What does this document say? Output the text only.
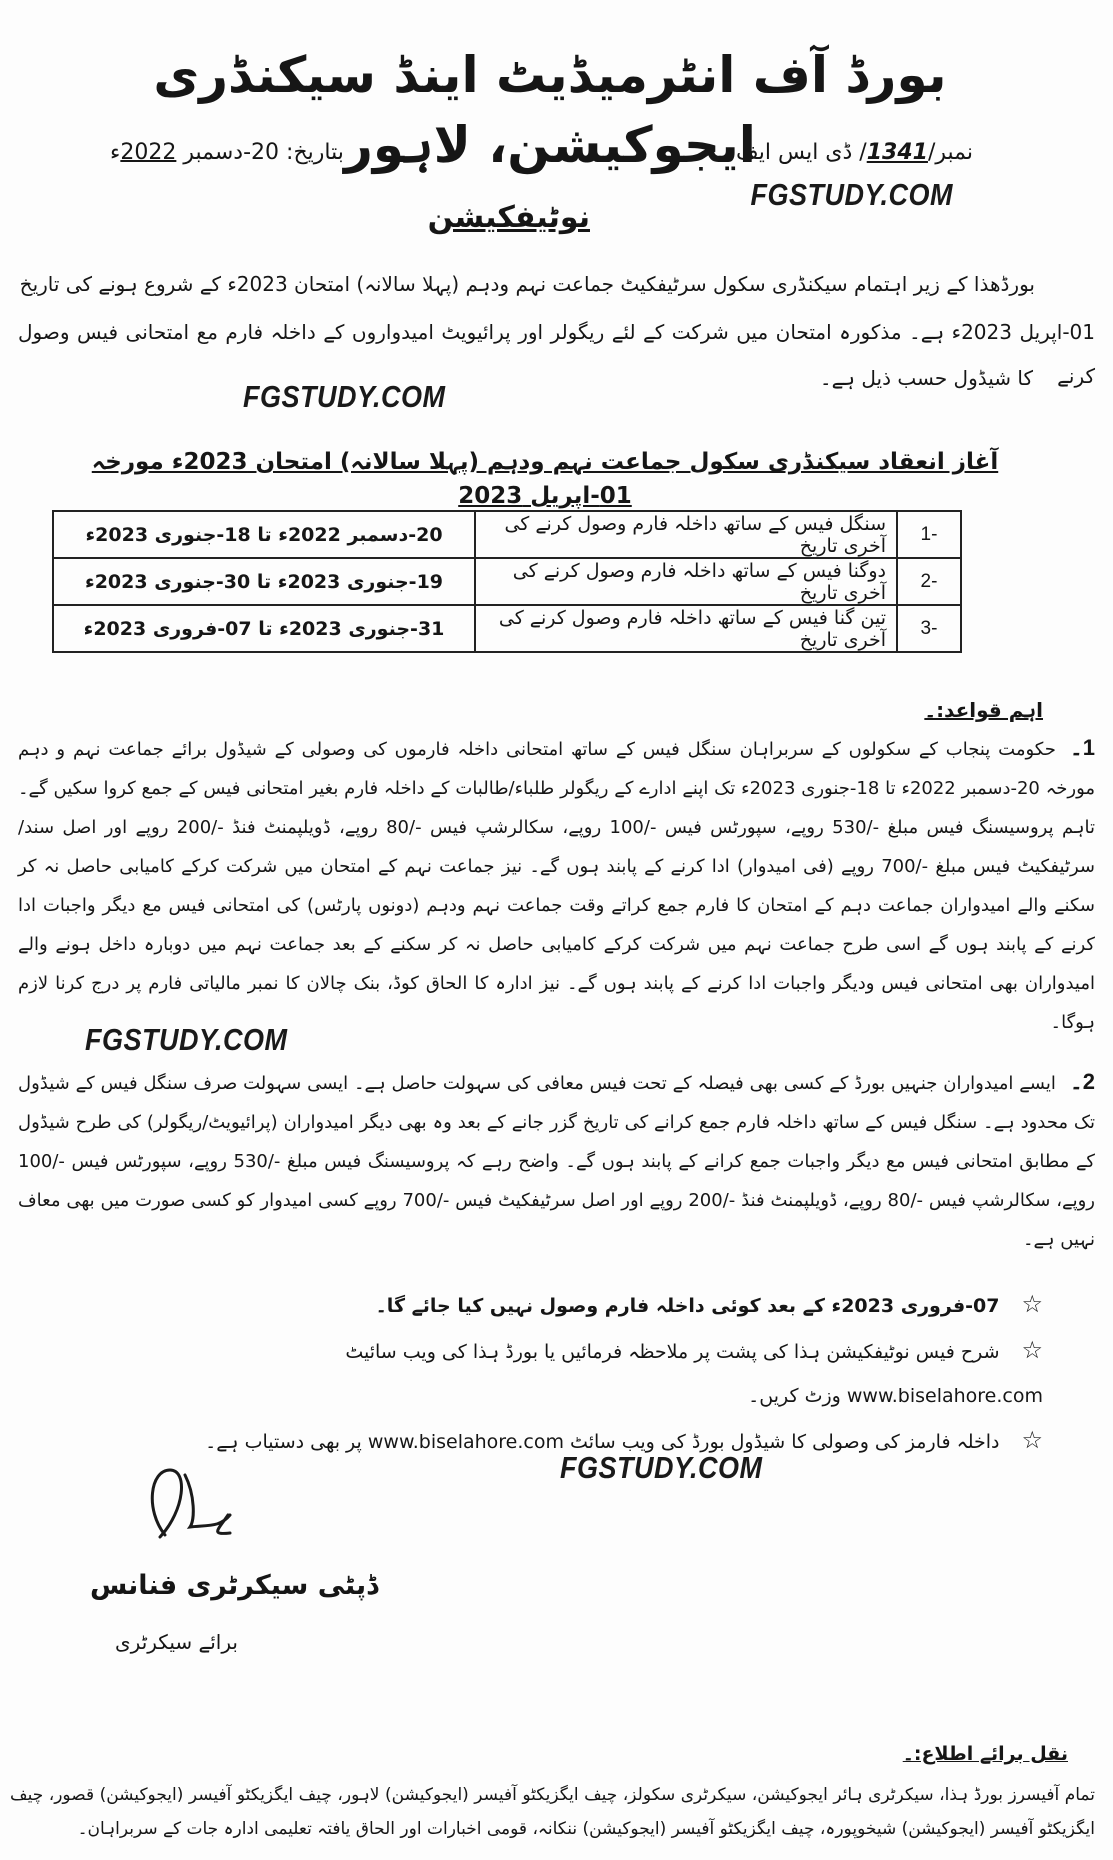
بورڈ آف انٹرمیڈیٹ اینڈ سیکنڈری ایجوکیشن، لاہور	نمبر/1341/ ڈی ایس ایف
بتاریخ: 20-دسمبر 2022ء
FGSTUDY.COM
نوٹیفکیشن
بورڈھذا کے زیر اہتمام سیکنڈری سکول سرٹیفکیٹ جماعت نہم ودہم (پہلا سالانہ) امتحان 2023ء کے شروع ہونے کی تاریخ
01-اپریل 2023ء ہے۔ مذکورہ امتحان میں شرکت کے لئے ریگولر اور پرائیویٹ امیدواروں کے داخلہ فارم مع امتحانی فیس وصول کرنے
کا شیڈول حسب ذیل ہے۔
FGSTUDY.COM
آغاز انعقاد سیکنڈری سکول جماعت نہم ودہم (پہلا سالانہ) امتحان 2023ء مورخہ 01-اپریل 2023
-1	سنگل فیس کے ساتھ داخلہ فارم وصول کرنے کی آخری تاریخ	20-دسمبر 2022ء تا 18-جنوری 2023ء
-2	دوگنا فیس کے ساتھ داخلہ فارم وصول کرنے کی آخری تاریخ	19-جنوری 2023ء تا 30-جنوری 2023ء
-3	تین گنا فیس کے ساتھ داخلہ فارم وصول کرنے کی آخری تاریخ	31-جنوری 2023ء تا 07-فروری 2023ء
اہم قواعد:۔
1۔حکومت پنجاب کے سکولوں کے سربراہان سنگل فیس کے ساتھ امتحانی داخلہ فارموں کی وصولی کے شیڈول برائے جماعت نہم و دہم مورخہ 20-دسمبر 2022ء تا 18-جنوری 2023ء تک اپنے ادارے کے ریگولر طلباء/طالبات کے داخلہ فارم بغیر امتحانی فیس کے جمع کروا سکیں گے۔ تاہم پروسیسنگ فیس مبلغ -/530 روپے، سپورٹس فیس -/100 روپے، سکالرشپ فیس -/80 روپے، ڈویلپمنٹ فنڈ -/200 روپے اور اصل سند/سرٹیفکیٹ فیس مبلغ -/700 روپے (فی امیدوار) ادا کرنے کے پابند ہوں گے۔ نیز جماعت نہم کے امتحان میں شرکت کرکے کامیابی حاصل نہ کر سکنے والے امیدواران جماعت دہم کے امتحان کا فارم جمع کراتے وقت جماعت نہم ودہم (دونوں پارٹس) کی امتحانی فیس مع دیگر واجبات ادا کرنے کے پابند ہوں گے اسی طرح جماعت نہم میں شرکت کرکے کامیابی حاصل نہ کر سکنے کے بعد جماعت نہم میں دوبارہ داخل ہونے والے امیدواران بھی امتحانی فیس ودیگر واجبات ادا کرنے کے پابند ہوں گے۔ نیز ادارہ کا الحاق کوڈ، بنک چالان کا نمبر مالیاتی فارم پر درج کرنا لازم ہوگا۔
FGSTUDY.COM
2۔ایسے امیدواران جنہیں بورڈ کے کسی بھی فیصلہ کے تحت فیس معافی کی سہولت حاصل ہے۔ ایسی سہولت صرف سنگل فیس کے شیڈول تک محدود ہے۔ سنگل فیس کے ساتھ داخلہ فارم جمع کرانے کی تاریخ گزر جانے کے بعد وہ بھی دیگر امیدواران (پرائیویٹ/ریگولر) کی طرح شیڈول کے مطابق امتحانی فیس مع دیگر واجبات جمع کرانے کے پابند ہوں گے۔ واضح رہے کہ پروسیسنگ فیس مبلغ -/530 روپے، سپورٹس فیس -/100 روپے، سکالرشپ فیس -/80 روپے، ڈویلپمنٹ فنڈ -/200 روپے اور اصل سرٹیفکیٹ فیس -/700 روپے کسی امیدوار کو کسی صورت میں بھی معاف نہیں ہے۔
☆07-فروری 2023ء کے بعد کوئی داخلہ فارم وصول نہیں کیا جائے گا۔
☆شرح فیس نوٹیفکیشن ہذا کی پشت پر ملاحظہ فرمائیں یا بورڈ ہذا کی ویب سائیٹ www.biselahore.com وزٹ کریں۔
☆داخلہ فارمز کی وصولی کا شیڈول بورڈ کی ویب سائٹ www.biselahore.com پر بھی دستیاب ہے۔
FGSTUDY.COM
ڈپٹی سیکرٹری فنانس
برائے سیکرٹری
نقل برائے اطلاع:۔
تمام آفیسرز بورڈ ہذا، سیکرٹری ہائر ایجوکیشن، سیکرٹری سکولز، چیف ایگزیکٹو آفیسر (ایجوکیشن) لاہور، چیف ایگزیکٹو آفیسر (ایجوکیشن) قصور، چیف ایگزیکٹو آفیسر (ایجوکیشن) شیخوپورہ، چیف ایگزیکٹو آفیسر (ایجوکیشن) ننکانہ، قومی اخبارات اور الحاق یافتہ تعلیمی ادارہ جات کے سربراہان۔
